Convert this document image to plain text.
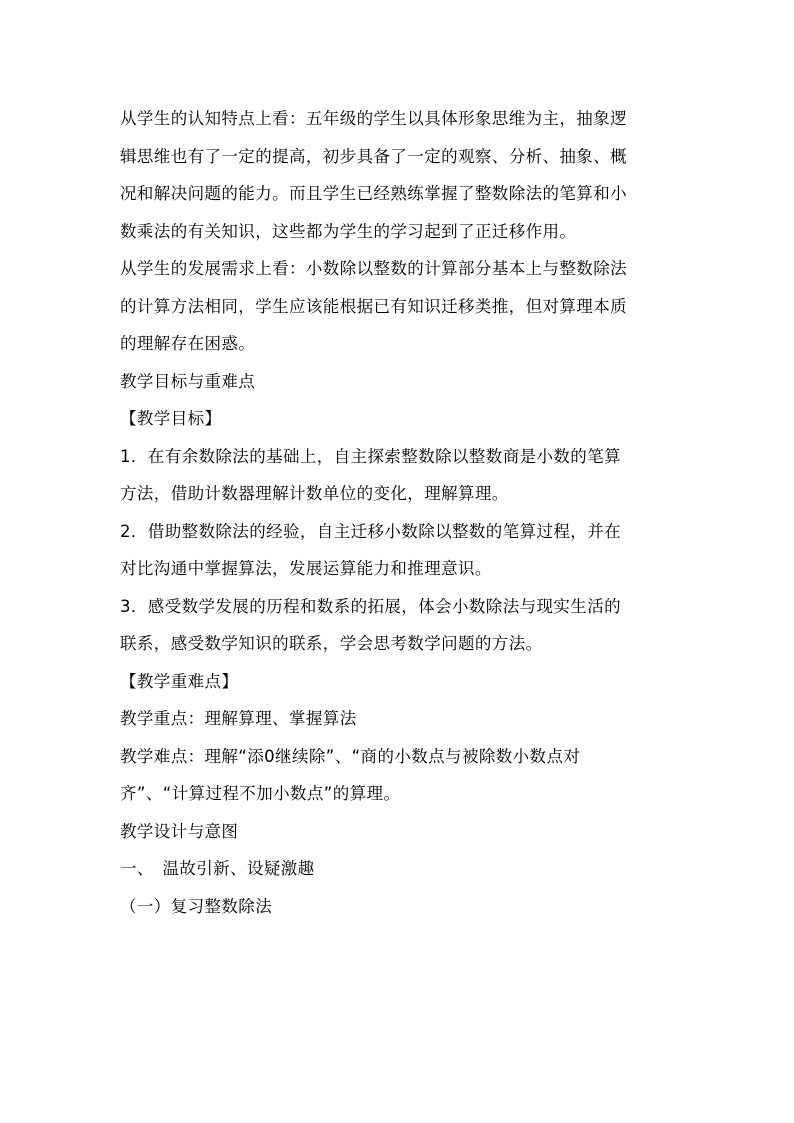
从学生的认知特点上看：五年级的学生以具体形象思维为主，抽象逻
辑思维也有了一定的提高，初步具备了一定的观察、分析、抽象、概
况和解决问题的能力。而且学生已经熟练掌握了整数除法的笔算和小
数乘法的有关知识，这些都为学生的学习起到了正迁移作用。
从学生的发展需求上看：小数除以整数的计算部分基本上与整数除法
的计算方法相同，学生应该能根据已有知识迁移类推，但对算理本质
的理解存在困惑。
教学目标与重难点
【教学目标】
1．在有余数除法的基础上，自主探索整数除以整数商是小数的笔算
方法，借助计数器理解计数单位的变化，理解算理。
2．借助整数除法的经验，自主迁移小数除以整数的笔算过程，并在
对比沟通中掌握算法，发展运算能力和推理意识。
3．感受数学发展的历程和数系的拓展，体会小数除法与现实生活的
联系，感受数学知识的联系，学会思考数学问题的方法。
【教学重难点】
教学重点：理解算理、掌握算法
教学难点：理解“添0继续除”、“商的小数点与被除数小数点对
齐”、“计算过程不加小数点”的算理。
教学设计与意图
一、　温故引新、设疑激趣
（一）复习整数除法
